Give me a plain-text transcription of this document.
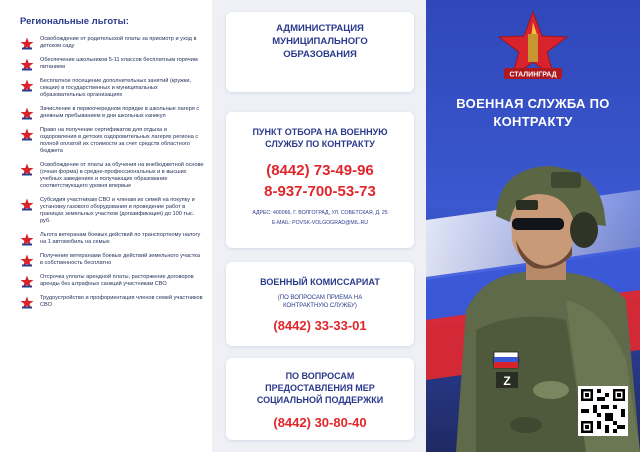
Региональные льготы:
Освобождение от родительской платы за присмотр и уход в детском саду
Обеспечение школьников 5-11 классов бесплатным горячим питанием
Бесплатное посещение дополнительных занятий (кружки, секции) в государственных и муниципальных образовательных организациях
Зачисление в первоочередном порядке в школьные лагеря с дневным пребыванием в дни школьных каникул
Право на получение сертификатов для отдыха и оздоровления в детских оздоровительных лагерях региона с полной оплатой их стоимости за счет средств областного бюджета
Освобождение от платы за обучения на внебюджетной основе (очная форма) в средне-профессиональных и в высших учебных заведениях и получающих образование соответствующего уровня впервые
Субсидия участникам СВО и членам их семей на покупку и установку газового оборудования и проведение работ в границах земельных участков (догазификация) до 100 тыс. руб.
Льгота ветеранам боевых действий по транспортному налогу на 1 автомобиль на семью
Получение ветеранами боевых действий земельного участка в собственность бесплатно
Отсрочка уплаты арендной платы, расторжение договоров аренды без штрафных санкций участникам СВО
Трудоустройство и профориентация членов семей участников СВО
АДМИНИСТРАЦИЯ МУНИЦИПАЛЬНОГО ОБРАЗОВАНИЯ
ПУНКТ ОТБОРА НА ВОЕННУЮ СЛУЖБУ ПО КОНТРАКТУ
(8442) 73-49-96
8-937-700-53-73
АДРЕС: 400066, Г. ВОЛГОГРАД, УЛ. СОВЕТСКАЯ, Д. 25
E-MAIL: POVSK-VOLGOGRAD@MIL.RU
ВОЕННЫЙ КОМИССАРИАТ
(ПО ВОПРОСАМ ПРИЕМА НА КОНТРАКТНУЮ СЛУЖБУ)
(8442) 33-33-01
ПО ВОПРОСАМ ПРЕДОСТАВЛЕНИЯ МЕР СОЦИАЛЬНОЙ ПОДДЕРЖКИ
(8442) 30-80-40
СТАЛИНГРАД
ВОЕННАЯ СЛУЖБА ПО КОНТРАКТУ
Z
